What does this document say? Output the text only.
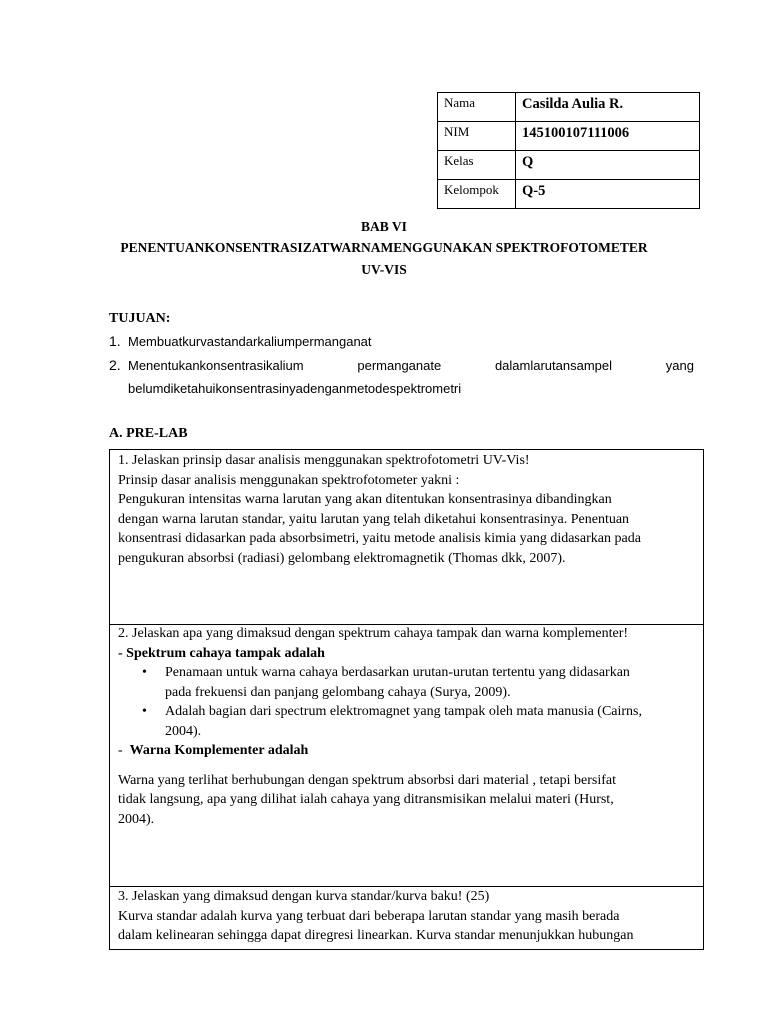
Nama	Casilda Aulia R.
NIM	145100107111006
Kelas	Q
Kelompok	Q-5
BAB VI
PENENTUANKONSENTRASIZATWARNAMENGGUNAKAN SPEKTROFOTOMETER
UV-VIS
TUJUAN:
1. Membuatkurvastandarkaliumpermanganat
2. Menentukankonsentrasikalium	permanganate	dalamlarutansampel	yang
belumdiketahuikonsentrasinyadenganmetodespektrometri
A. PRE-LAB

1. Jelaskan prinsip dasar analisis menggunakan spektrofotometri UV-Vis!

Prinsip dasar analisis menggunakan spektrofotometer yakni :

Pengukuran intensitas warna larutan yang akan ditentukan konsentrasinya dibandingkan

dengan warna larutan standar, yaitu larutan yang telah diketahui konsentrasinya. Penentuan

konsentrasi didasarkan pada absorbsimetri, yaitu metode analisis kimia yang didasarkan pada

pengukuran absorbsi (radiasi) gelombang elektromagnetik (Thomas dkk, 2007).

2. Jelaskan apa yang dimaksud dengan spektrum cahaya tampak dan warna komplementer!

- Spektrum cahaya tampak adalah

• Penamaan untuk warna cahaya berdasarkan urutan-urutan tertentu yang didasarkan
pada frekuensi dan panjang gelombang cahaya (Surya, 2009).
• Adalah bagian dari spectrum elektromagnet yang tampak oleh mata manusia (Cairns,
2004).

- Warna Komplementer adalah

Warna yang terlihat berhubungan dengan spektrum absorbsi dari material , tetapi bersifat

tidak langsung, apa yang dilihat ialah cahaya yang ditransmisikan melalui materi (Hurst,

2004).

3. Jelaskan yang dimaksud dengan kurva standar/kurva baku! (25)

Kurva standar adalah kurva yang terbuat dari beberapa larutan standar yang masih berada

dalam kelinearan sehingga dapat diregresi linearkan. Kurva standar menunjukkan hubungan
